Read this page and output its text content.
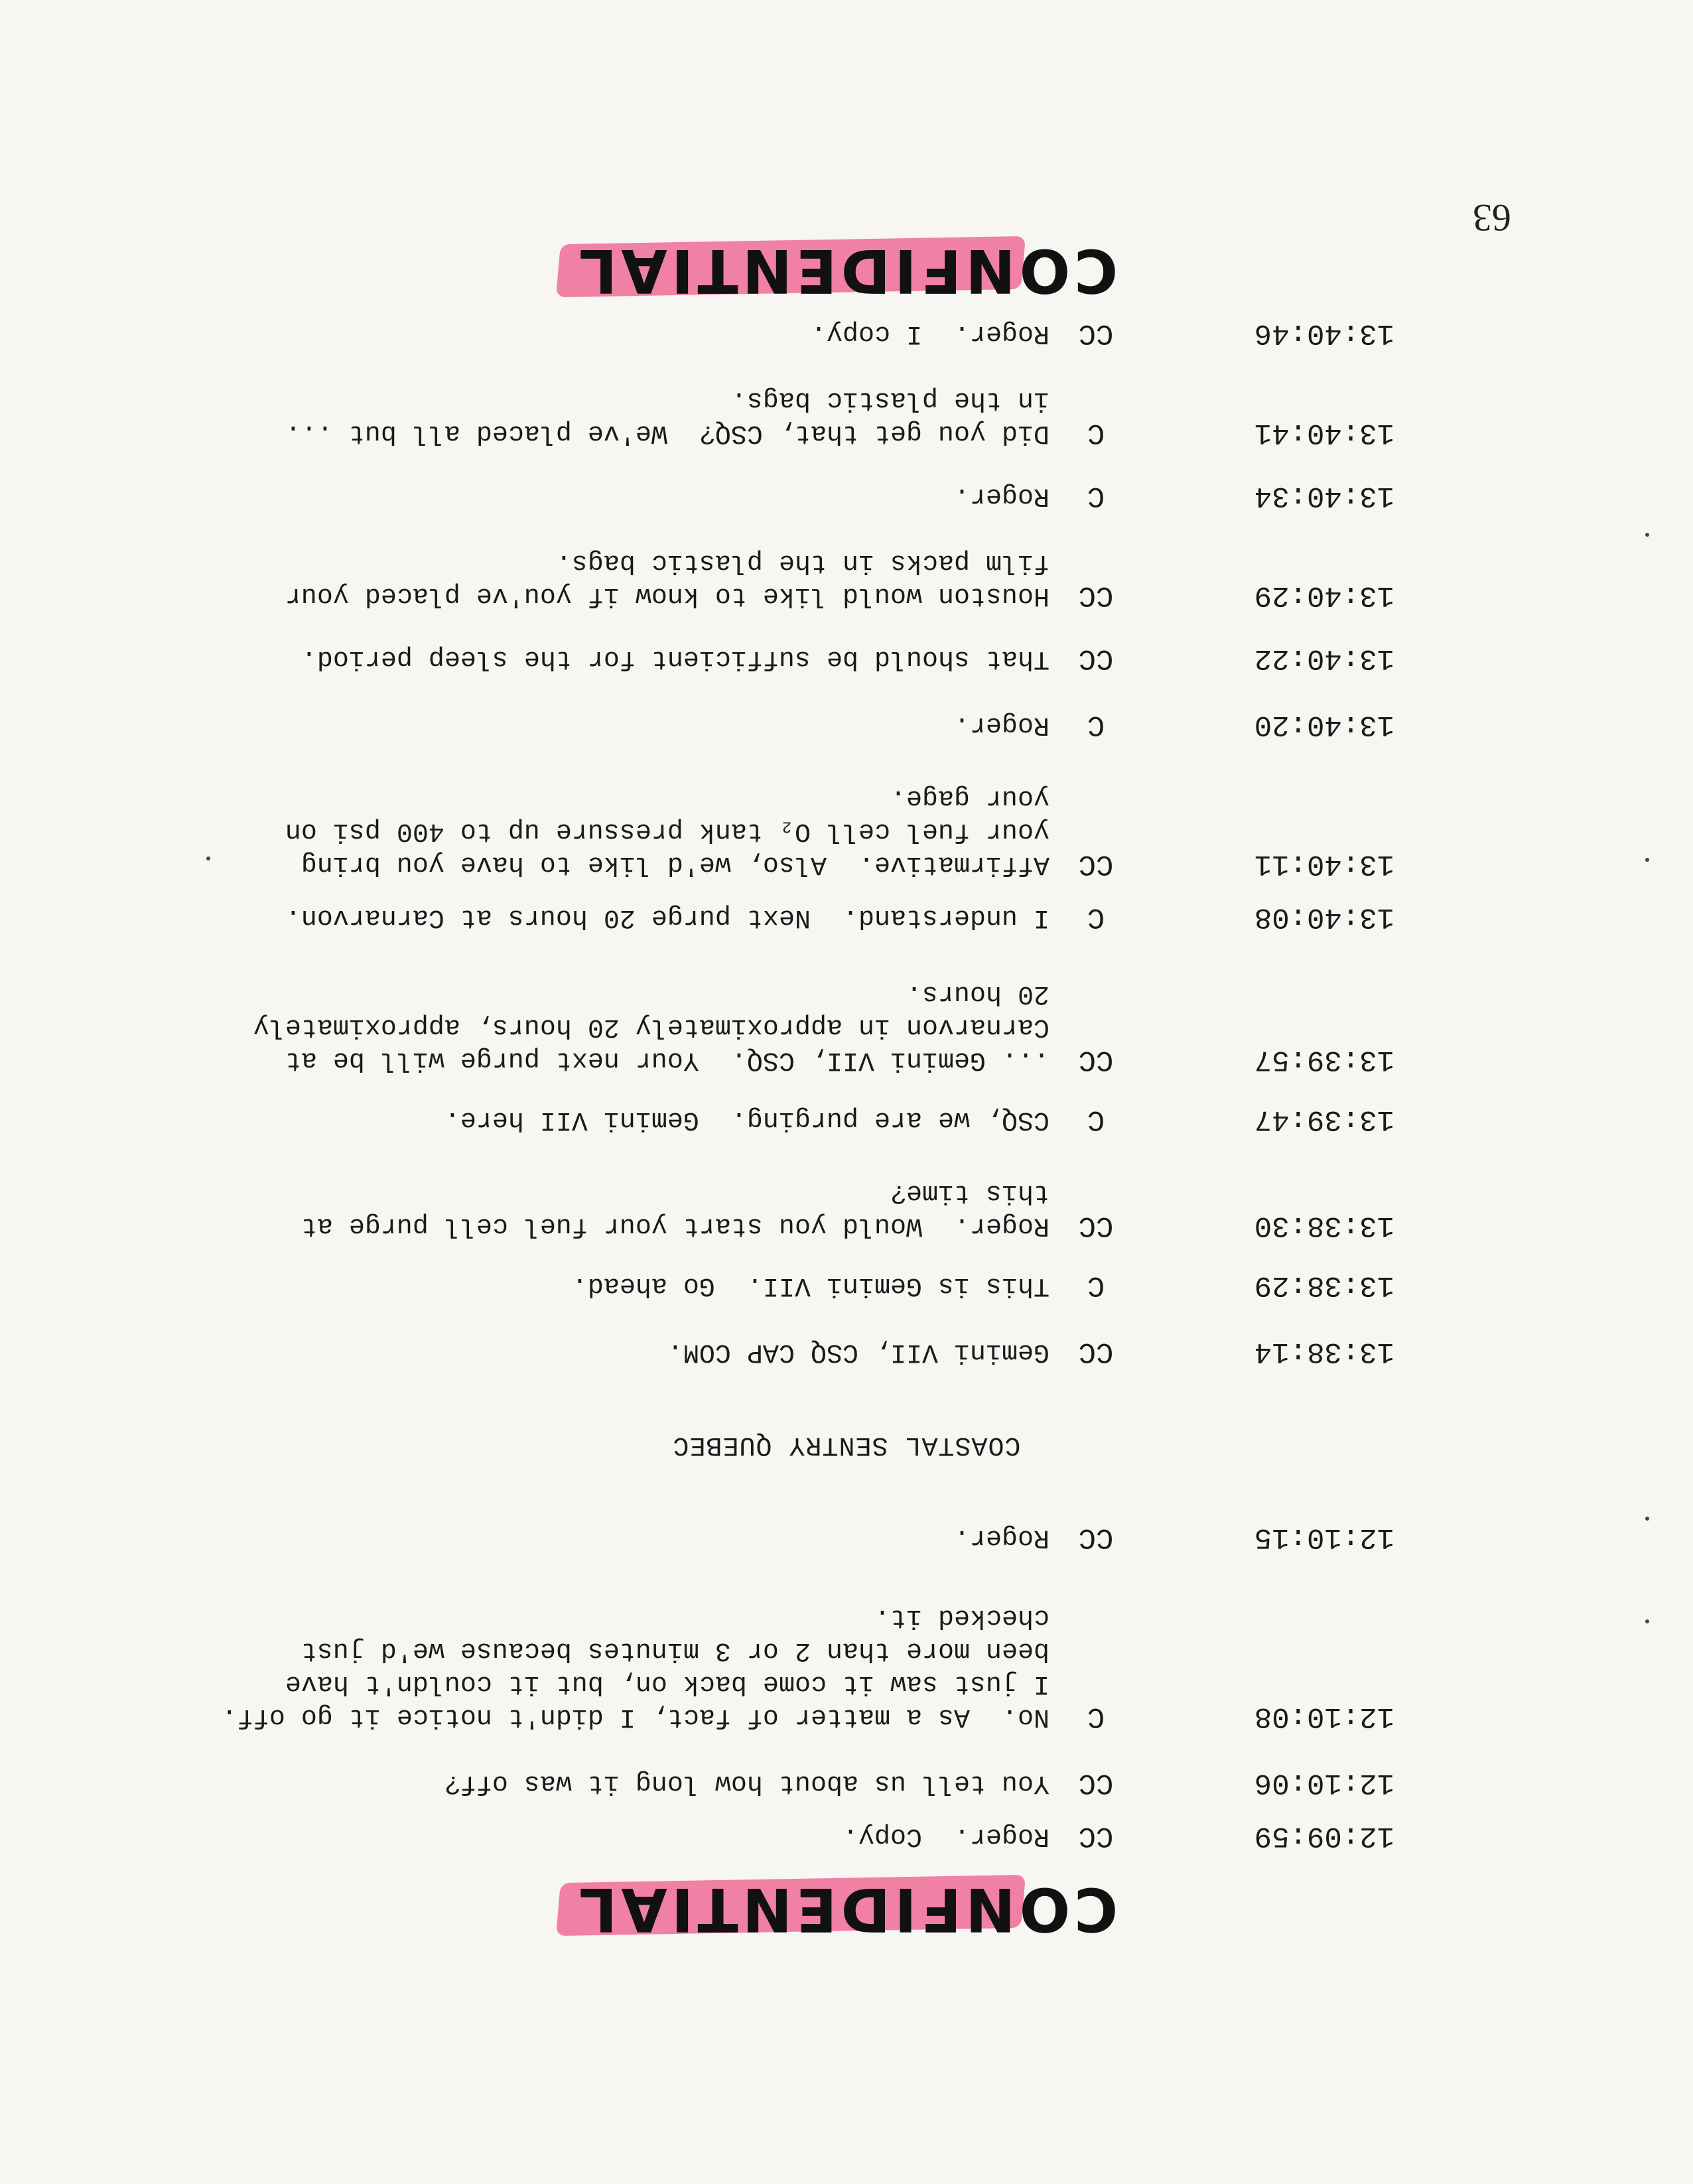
CONFIDENTIAL
63
12:09:59
CC
Roger.  Copy.
12:10:06
CC
You tell us about how long it was off?
12:10:08
C
No.  As a matter of fact, I didn't notice it go off.
I just saw it come back on, but it couldn't have
been more than 2 or 3 minutes because we'd just
checked it.
12:10:15
CC
Roger.
COASTAL SENTRY QUEBEC
13:38:14
CC
Gemini VII, CSQ CAP COM.
13:38:29
C
This is Gemini VII.  Go ahead.
13:38:30
CC
Roger.  Would you start your fuel cell purge at
this time?
13:39:47
C
CSQ, we are purging.  Gemini VII here.
13:39:57
CC
... Gemini VII, CSQ.  Your next purge will be at
Carnarvon in approximately 20 hours, approximately
20 hours.
13:40:08
C
I understand.  Next purge 20 hours at Carnarvon.
13:40:11
CC
Affirmative.  Also, we'd like to have you bring
your fuel cell O₂ tank pressure up to 400 psi on
your gage.
13:40:20
C
Roger.
13:40:22
CC
That should be sufficient for the sleep period.
13:40:29
CC
Houston would like to know if you've placed your
film packs in the plastic bags.
13:40:34
C
Roger.
13:40:41
C
Did you get that, CSQ?  We've placed all but ...
in the plastic bags.
13:40:46
CC
Roger.  I copy.
CONFIDENTIAL
